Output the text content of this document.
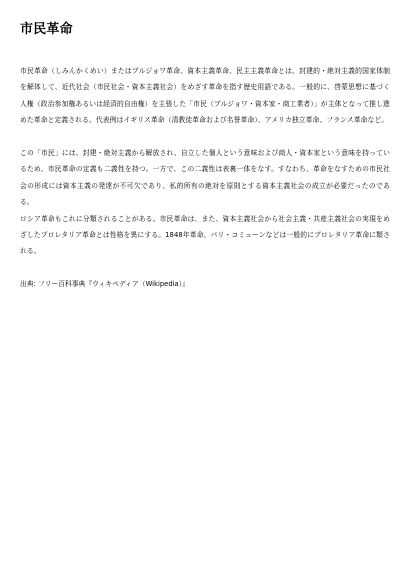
市民革命

市民革命（しみんかくめい）またはブルジョワ革命、資本主義革命、民主主義革命とは、封建的・絶対主義的国家体制を解体して、近代社会（市民社会・資本主義社会）をめざす革命を指す歴史用語である。一般的に、啓蒙思想に基づく人権（政治参加権あるいは経済的自由権）を主張した「市民（ブルジョワ・資本家・商工業者）」が主体となって推し進めた革命と定義される。代表例はイギリス革命（清教徒革命および名誉革命）、アメリカ独立革命、フランス革命など。

この「市民」には、封建・絶対主義から解放され、自立した個人という意味および商人・資本家という意味を持っているため、市民革命の定義も二義性を持つ。一方で、この二義性は表裏一体をなす。すなわち、革命をなすための市民社会の形成には資本主義の発達が不可欠であり、私的所有の絶対を原則とする資本主義社会の成立が必要だったのである。

ロシア革命もこれに分類されることがある。市民革命は、また、資本主義社会から社会主義・共産主義社会の実現をめざしたプロレタリア革命とは性格を異にする。1848年革命、パリ・コミューンなどは一般的にプロレタリア革命に類される。

出典: フリー百科事典『ウィキペディア（Wikipedia）』
